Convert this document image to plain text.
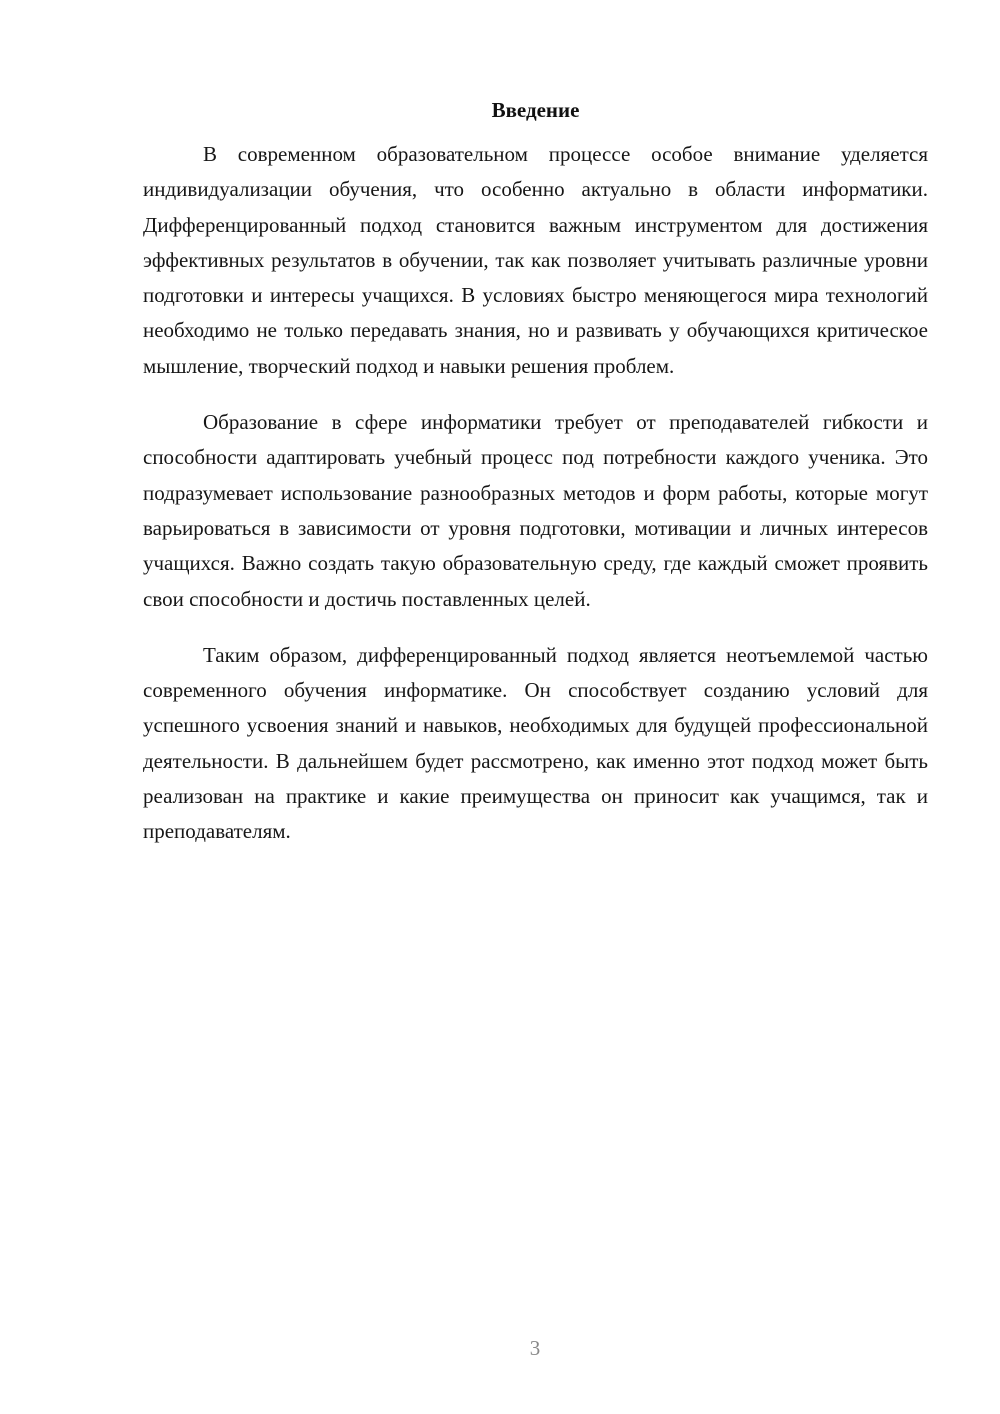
Введение

В современном образовательном процессе особое внимание уделяется индивидуализации обучения, что особенно актуально в области информатики. Дифференцированный подход становится важным инструментом для достижения эффективных результатов в обучении, так как позволяет учитывать различные уровни подготовки и интересы учащихся. В условиях быстро меняющегося мира технологий необходимо не только передавать знания, но и развивать у обучающихся критическое мышление, творческий подход и навыки решения проблем.

Образование в сфере информатики требует от преподавателей гибкости и способности адаптировать учебный процесс под потребности каждого ученика. Это подразумевает использование разнообразных методов и форм работы, которые могут варьироваться в зависимости от уровня подготовки, мотивации и личных интересов учащихся. Важно создать такую образовательную среду, где каждый сможет проявить свои способности и достичь поставленных целей.

Таким образом, дифференцированный подход является неотъемлемой частью современного обучения информатике. Он способствует созданию условий для успешного усвоения знаний и навыков, необходимых для будущей профессиональной деятельности. В дальнейшем будет рассмотрено, как именно этот подход может быть реализован на практике и какие преимущества он приносит как учащимся, так и преподавателям.

3
